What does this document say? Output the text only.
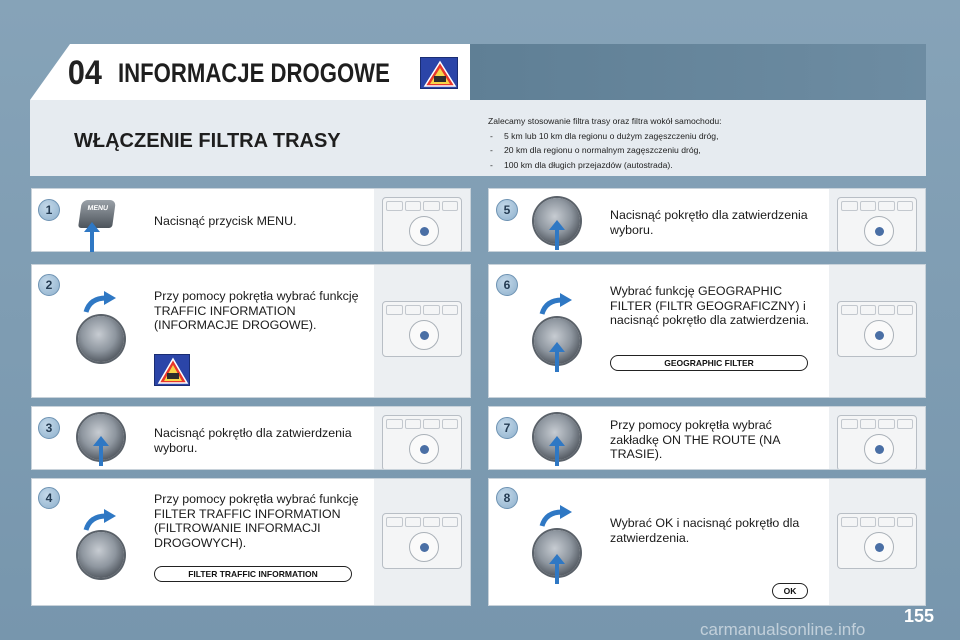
04 INFORMACJE DROGOWE
WŁĄCZENIE FILTRA TRASY
Zalecamy stosowanie filtra trasy oraz filtra wokół samochodu:
- 5 km lub 10 km dla regionu o dużym zagęszczeniu dróg,
- 20 km dla regionu o normalnym zagęszczeniu dróg,
- 100 km dla długich przejazdów (autostrada).
1	MENU
Nacisnąć przycisk MENU.
2
Przy pomocy pokrętła wybrać funkcję TRAFFIC INFORMATION (INFORMACJE DROGOWE).
3	Nacisnąć pokrętło dla zatwierdzenia wyboru.
4	Przy pomocy pokrętła wybrać funkcję FILTER TRAFFIC INFORMATION (FILTROWANIE INFORMACJI DROGOWYCH).
FILTER TRAFFIC INFORMATION
5	Nacisnąć pokrętło dla zatwierdzenia wyboru.
6	Wybrać funkcję GEOGRAPHIC FILTER (FILTR GEOGRAFICZNY) i nacisnąć pokrętło dla zatwierdzenia.
GEOGRAPHIC FILTER
7	Przy pomocy pokrętła wybrać zakładkę ON THE ROUTE (NA TRASIE).
8
Wybrać OK i nacisnąć pokrętło dla zatwierdzenia.
OK
155
carmanualsonline.info
